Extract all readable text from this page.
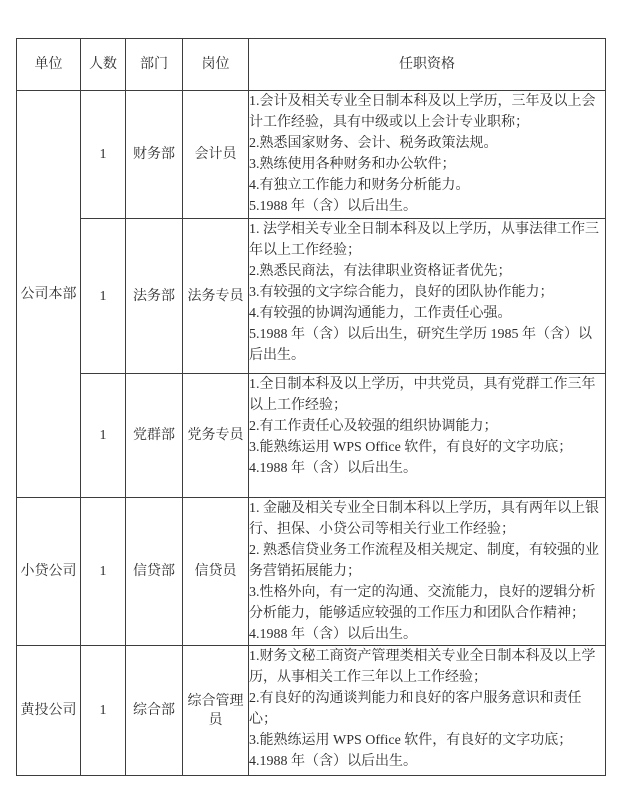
单位	人数	部门	岗位	任职资格
公司本部	1	财务部	会计员	1.会计及相关专业全日制本科及以上学历，三年及以上会计工作经验，具有中级或以上会计专业职称；
2.熟悉国家财务、会计、税务政策法规。
3.熟练使用各种财务和办公软件；
4.有独立工作能力和财务分析能力。
5.1988 年（含）以后出生。

	1	法务部	法务专员	1. 法学相关专业全日制本科及以上学历，从事法律工作三年以上工作经验；
2.熟悉民商法，有法律职业资格证者优先；
3.有较强的文字综合能力，良好的团队协作能力；
4.有较强的协调沟通能力，工作责任心强。
5.1988 年（含）以后出生，研究生学历 1985 年（含）以后出生。

	1	党群部	党务专员	1.全日制本科及以上学历，中共党员，具有党群工作三年以上工作经验；
2.有工作责任心及较强的组织协调能力；
3.能熟练运用 WPS Office 软件，有良好的文字功底；
4.1988 年（含）以后出生。

小贷公司	1	信贷部	信贷员	1. 金融及相关专业全日制本科以上学历，具有两年以上银行、担保、小贷公司等相关行业工作经验；
2. 熟悉信贷业务工作流程及相关规定、制度，有较强的业务营销拓展能力；
3.性格外向，有一定的沟通、交流能力，良好的逻辑分析分析能力，能够适应较强的工作压力和团队合作精神；
4.1988 年（含）以后出生。

黄投公司	1	综合部	综合管理员	1.财务文秘工商资产管理类相关专业全日制本科及以上学历，从事相关工作三年以上工作经验；
2.有良好的沟通谈判能力和良好的客户服务意识和责任心；
3.能熟练运用 WPS Office 软件，有良好的文字功底；
4.1988 年（含）以后出生。
